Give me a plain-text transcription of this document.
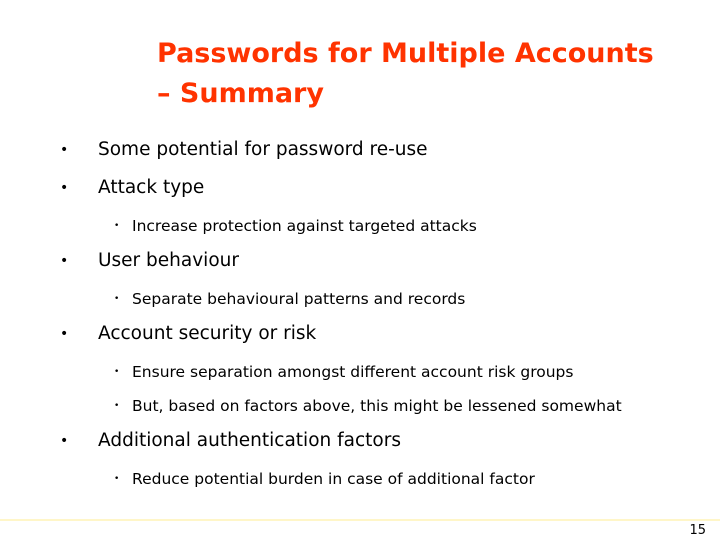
Passwords for Multiple Accounts
– Summary
• Some potential for password re-use
• Attack type
• Increase protection against targeted attacks
• User behaviour
• Separate behavioural patterns and records
• Account security or risk
• Ensure separation amongst different account risk groups
• But, based on factors above, this might be lessened somewhat
• Additional authentication factors
• Reduce potential burden in case of additional factor
15
